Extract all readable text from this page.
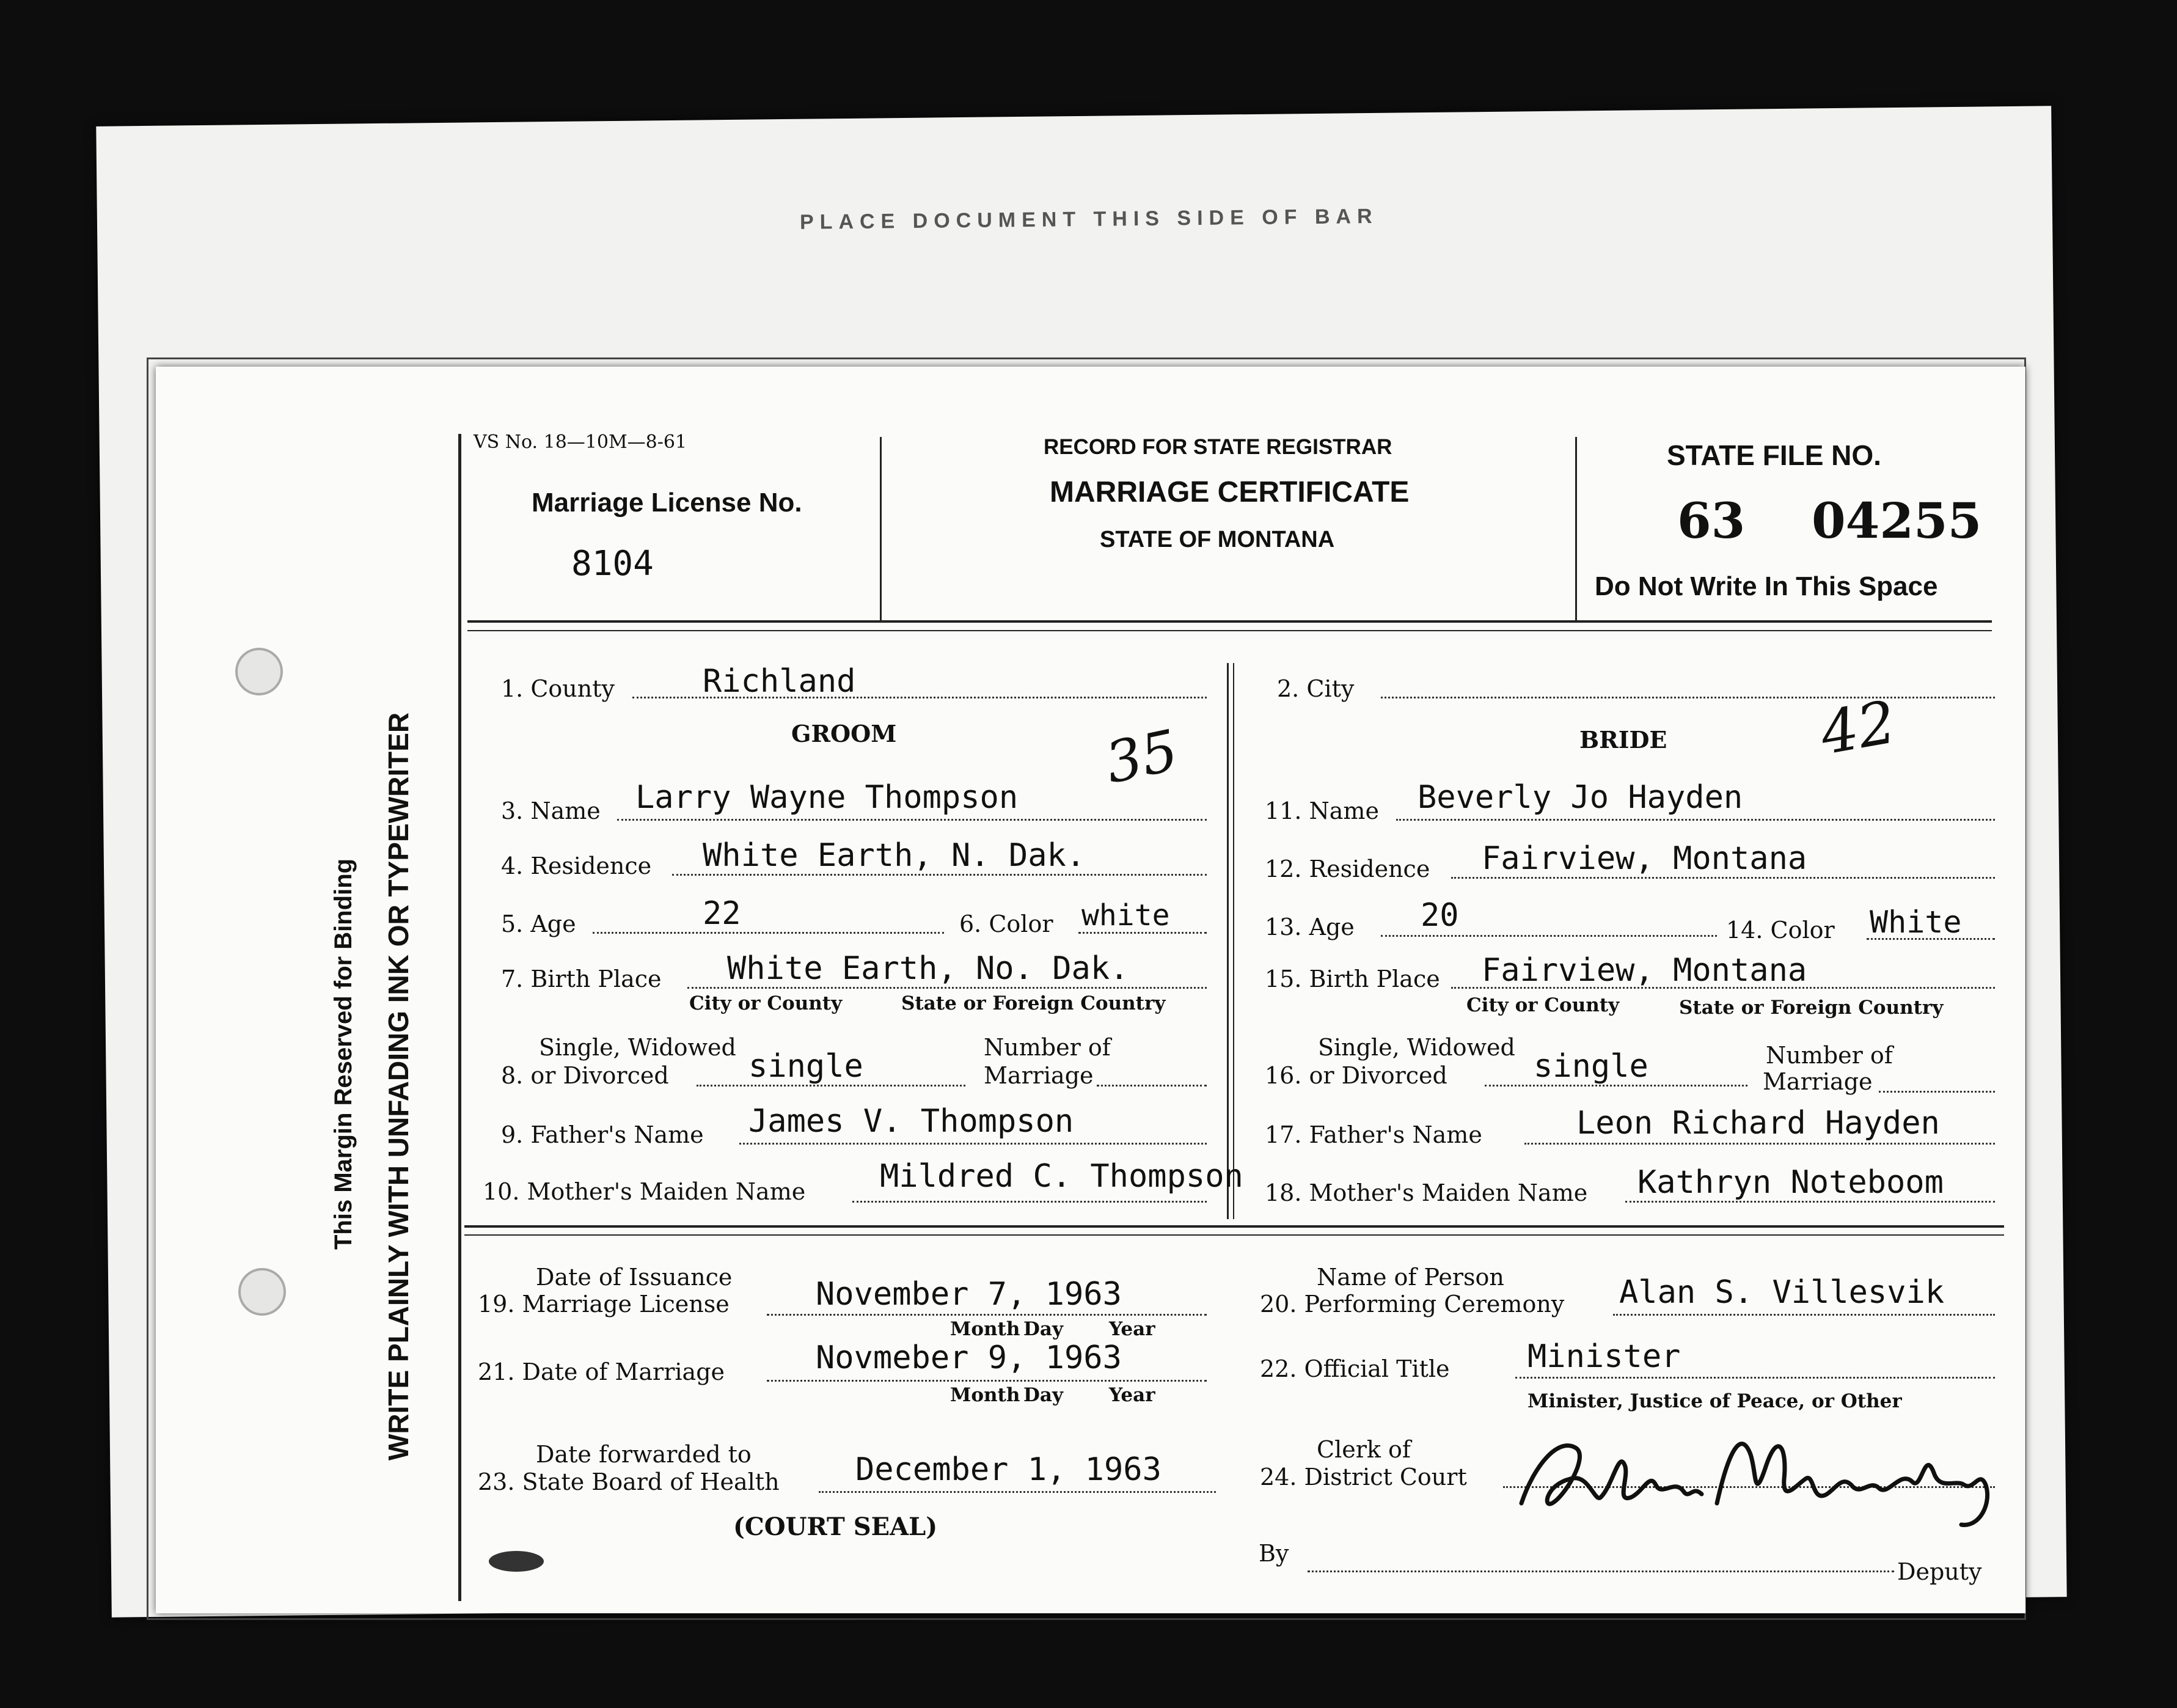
PLACE DOCUMENT THIS SIDE OF BAR
This Margin Reserved for Binding WRITE PLAINLY WITH UNFADING INK OR TYPEWRITER
VS No. 18—10M—8-61
Marriage License No.
8104
RECORD FOR STATE REGISTRAR
MARRIAGE CERTIFICATE
STATE OF MONTANA
STATE FILE NO.
63 04255
Do Not Write In This Space
1. County	Richland
GROOM	35
3. Name Larry Wayne Thompson
4. Residence White Earth, N. Dak.
5. Age	22	6. Color white
7. Birth Place White Earth, No. Dak.
City or County	State or Foreign Country
Single, Widowed
8. or Divorced	single
Number of
Marriage
9. Father's Name James V. Thompson
10. Mother's Maiden Name Mildred C. Thompson
2. City
BRIDE	42
11. Name Beverly Jo Hayden
12. Residence Fairview, Montana
13. Age 20	14. Color White
15. Birth Place Fairview, Montana
City or County	State or Foreign Country
Single, Widowed
16. or Divorced	single	Number of
Marriage
17. Father's Name	Leon Richard Hayden
18. Mother's Maiden Name Kathryn Noteboom
Date of Issuance
19. Marriage License	November 7, 1963
Month Day Year
21. Date of Marriage	Novmeber 9, 1963
Month Day Year
Date forwarded to
23. State Board of Health December 1, 1963
(COURT SEAL)
Name of Person
20. Performing Ceremony Alan S. Villesvik
22. Official Title Minister
Minister, Justice of Peace, or Other
Clerk of
24. District Court
By
Deputy
